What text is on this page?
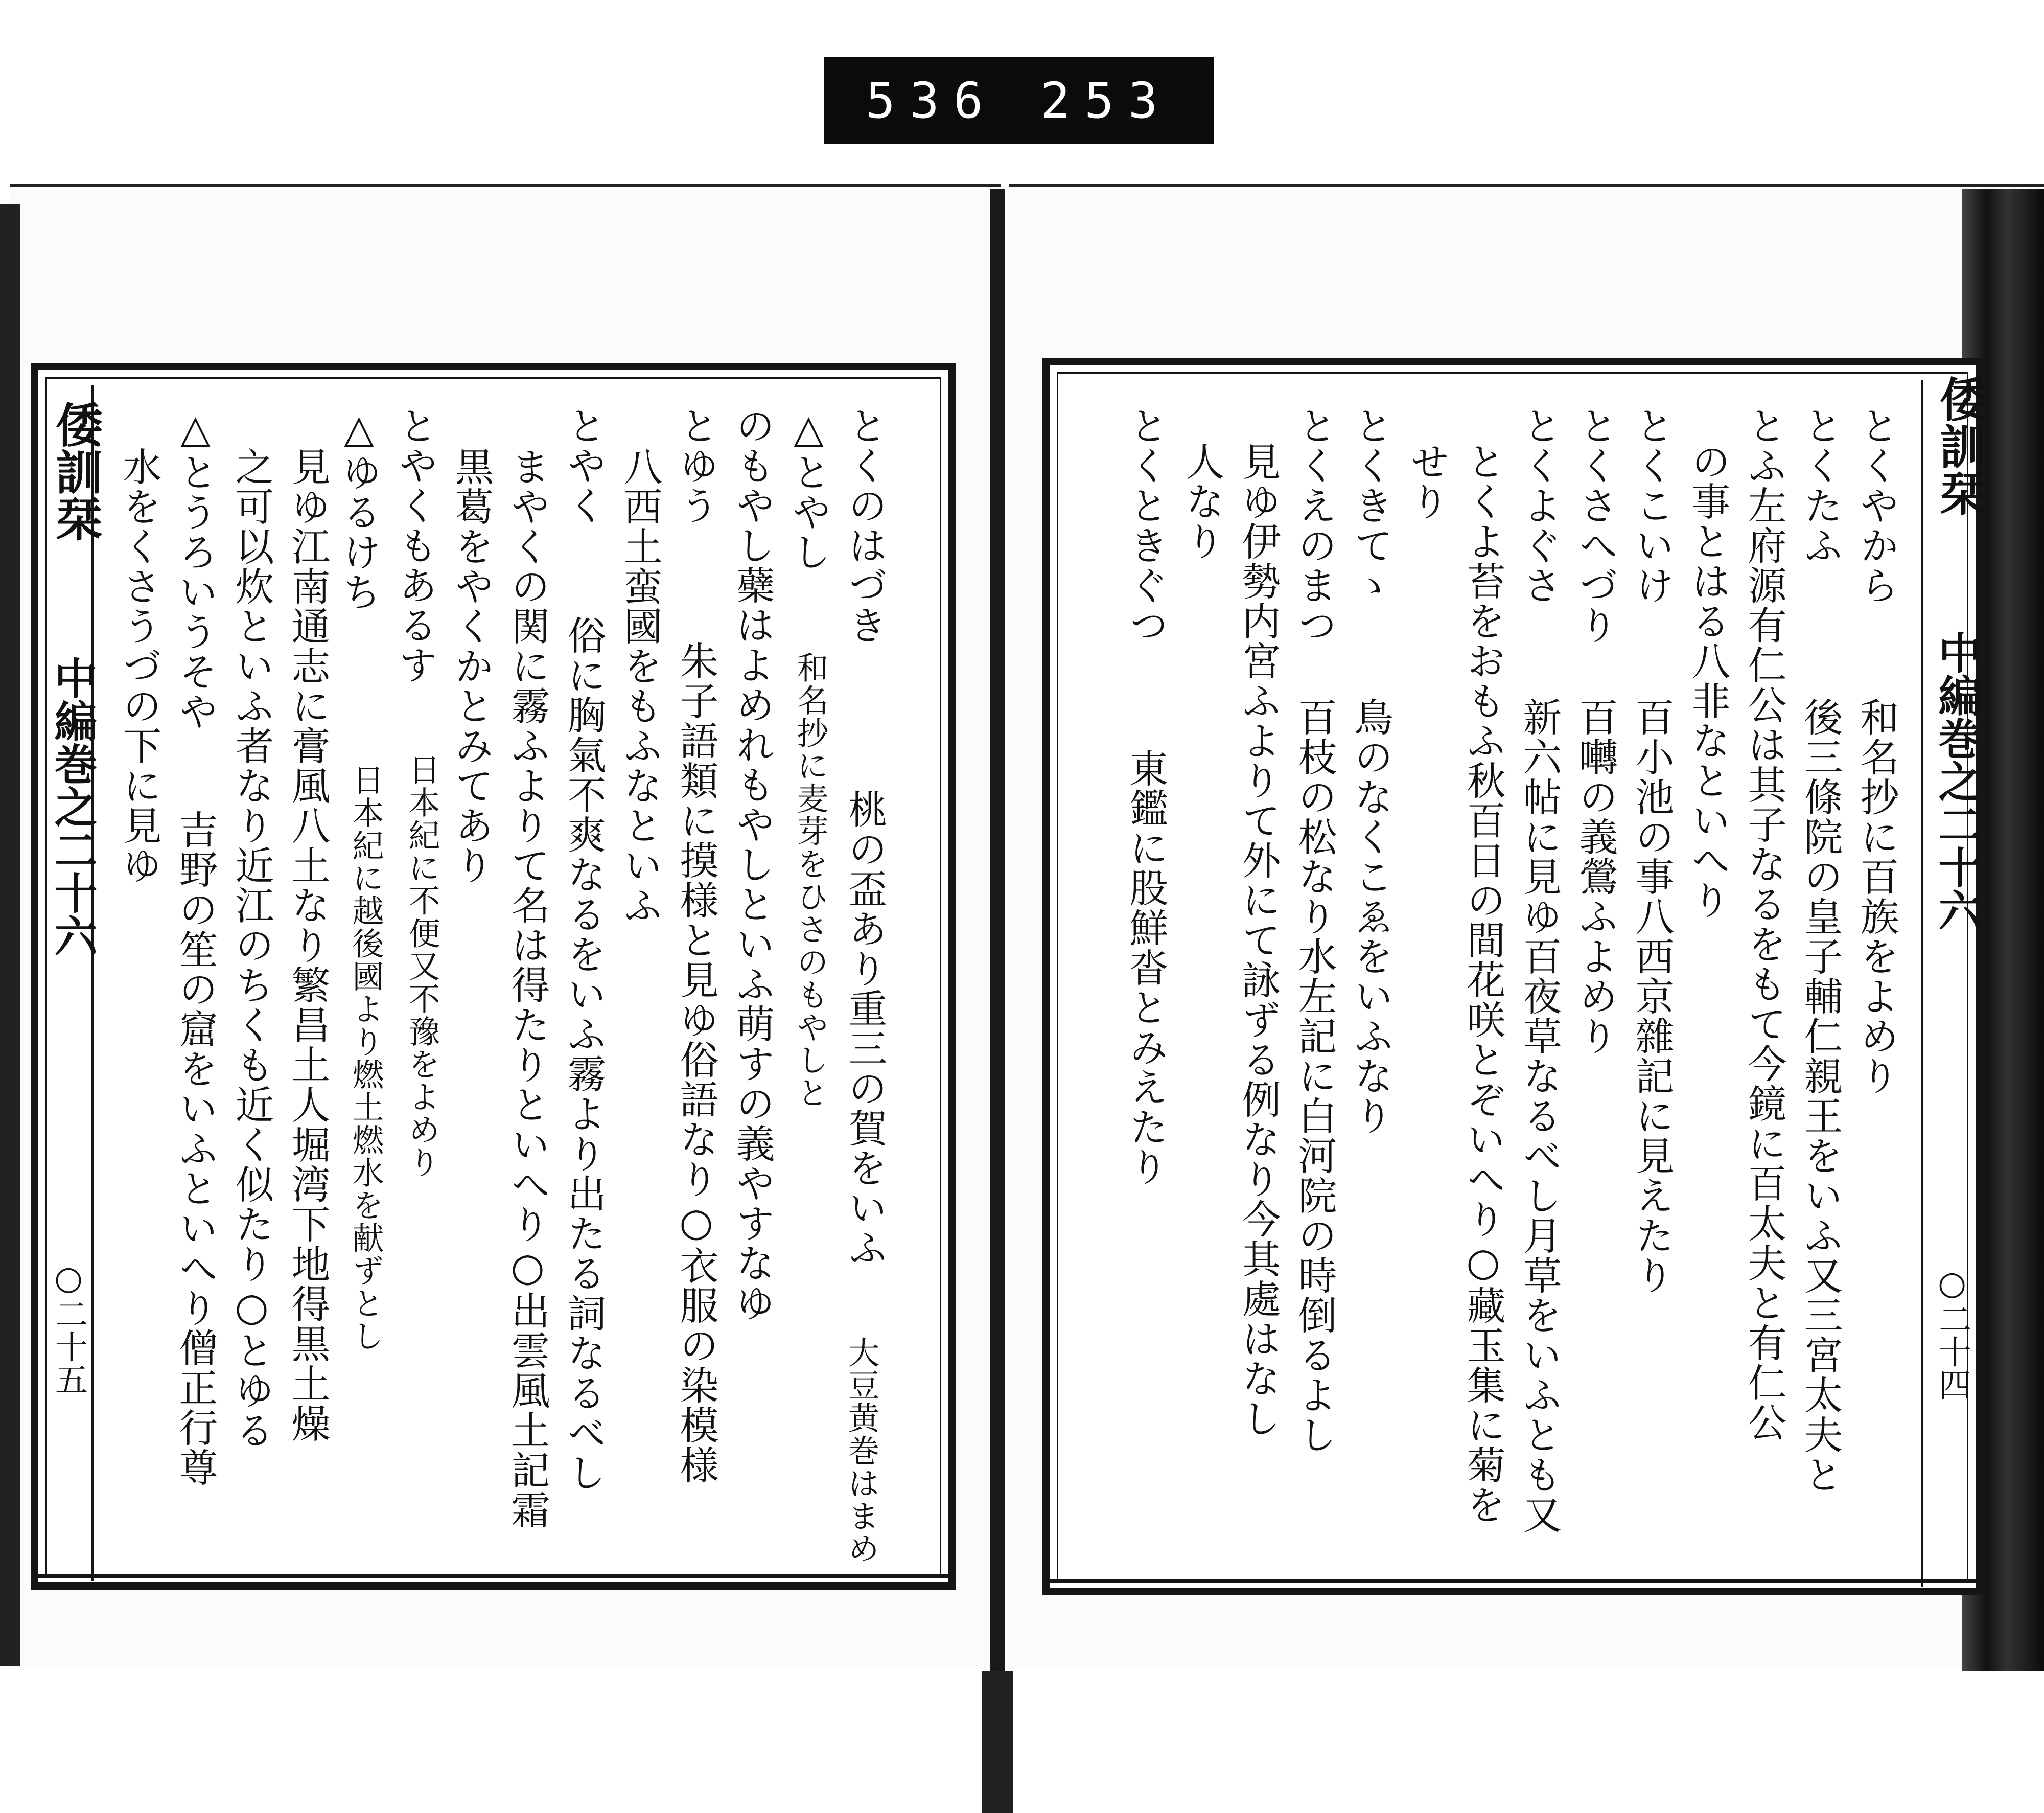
536 253
倭訓栞
中編巻之二十六
○二十五
とくのはづき
桃の盃あり重三の賀をいふ
△とやし
和名抄に麦芽をひさのもやしと
のもやし蘗はよめれもやしといふ萌すの義やすなゆ
大豆黄巻はまめ
とゆう
朱子語類に摸様と見ゆ俗語なり○衣服の染模様
八西土蛮國をもふなといふ
とやく
俗に胸氣不爽なるをいふ霧より出たる詞なるべし
まやくの関に霧ふよりて名は得たりといへり○出雲風土記霜
黒葛をやくかとみてあり
とやくもあるす
日本紀に不便又不豫をよめり
△ゆるけち
見ゆ江南通志に膏風八土なり繁昌土人堀湾下地得黒土燥 日本紀に越後國より燃土燃水を献ずとし
之可以炊といふ者なり近江のちくも近く似たり○とゆる
△とうろいうそや
水をくさうづの下に見ゆ
吉野の笙の窟をいふといへり僧正行尊
倭訓栞
中編巻之二十六
○二十四
とくやから
とくたふ
和名抄に百族をよめり
とふ左府源有仁公は其子なるをもて今鏡に百太夫と有仁公 後三條院の皇子輔仁親王をいふ又三宮太夫と
の事とはる八非なといへり
とくこいけ
百小池の事八西京雜記に見えたり
とくさへづり
百囀の義鶯ふよめり
とくよぐさ
新六帖に見ゆ百夜草なるべし月草をいふとも又
とくよ苔をおもふ秋百日の間花咲とぞいへり○藏玉集に菊を
せり
とくきてゝ
鳥のなくこゑをいふなり
とくえのまつ
百枝の松なり水左記に白河院の時倒るよし
見ゆ伊勢内宮ふよりて外にて詠ずる例なり今其處はなし
人なり
とくときぐつ
東鑑に股鮮沓とみえたり
